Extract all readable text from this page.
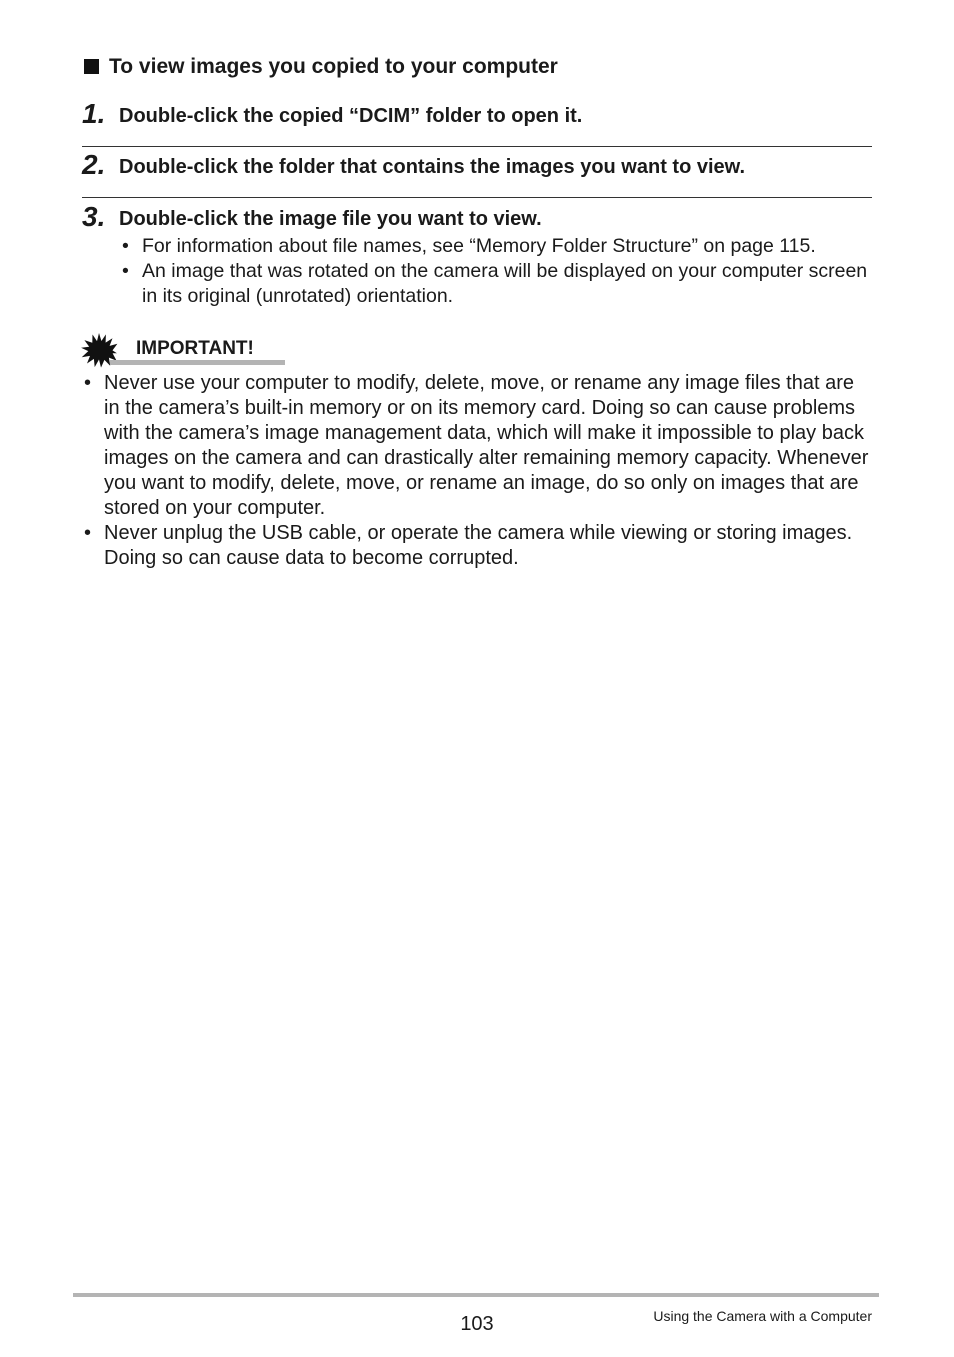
To view images you copied to your computer
1. Double-click the copied “DCIM” folder to open it.
2. Double-click the folder that contains the images you want to view.
3. Double-click the image file you want to view.
• For information about file names, see “Memory Folder Structure” on page 115.
• An image that was rotated on the camera will be displayed on your computer screen in its original (unrotated) orientation.
IMPORTANT!
• Never use your computer to modify, delete, move, or rename any image files that are in the camera’s built-in memory or on its memory card. Doing so can cause problems with the camera’s image management data, which will make it impossible to play back images on the camera and can drastically alter remaining memory capacity. Whenever you want to modify, delete, move, or rename an image, do so only on images that are stored on your computer.
• Never unplug the USB cable, or operate the camera while viewing or storing images. Doing so can cause data to become corrupted.
103	Using the Camera with a Computer
